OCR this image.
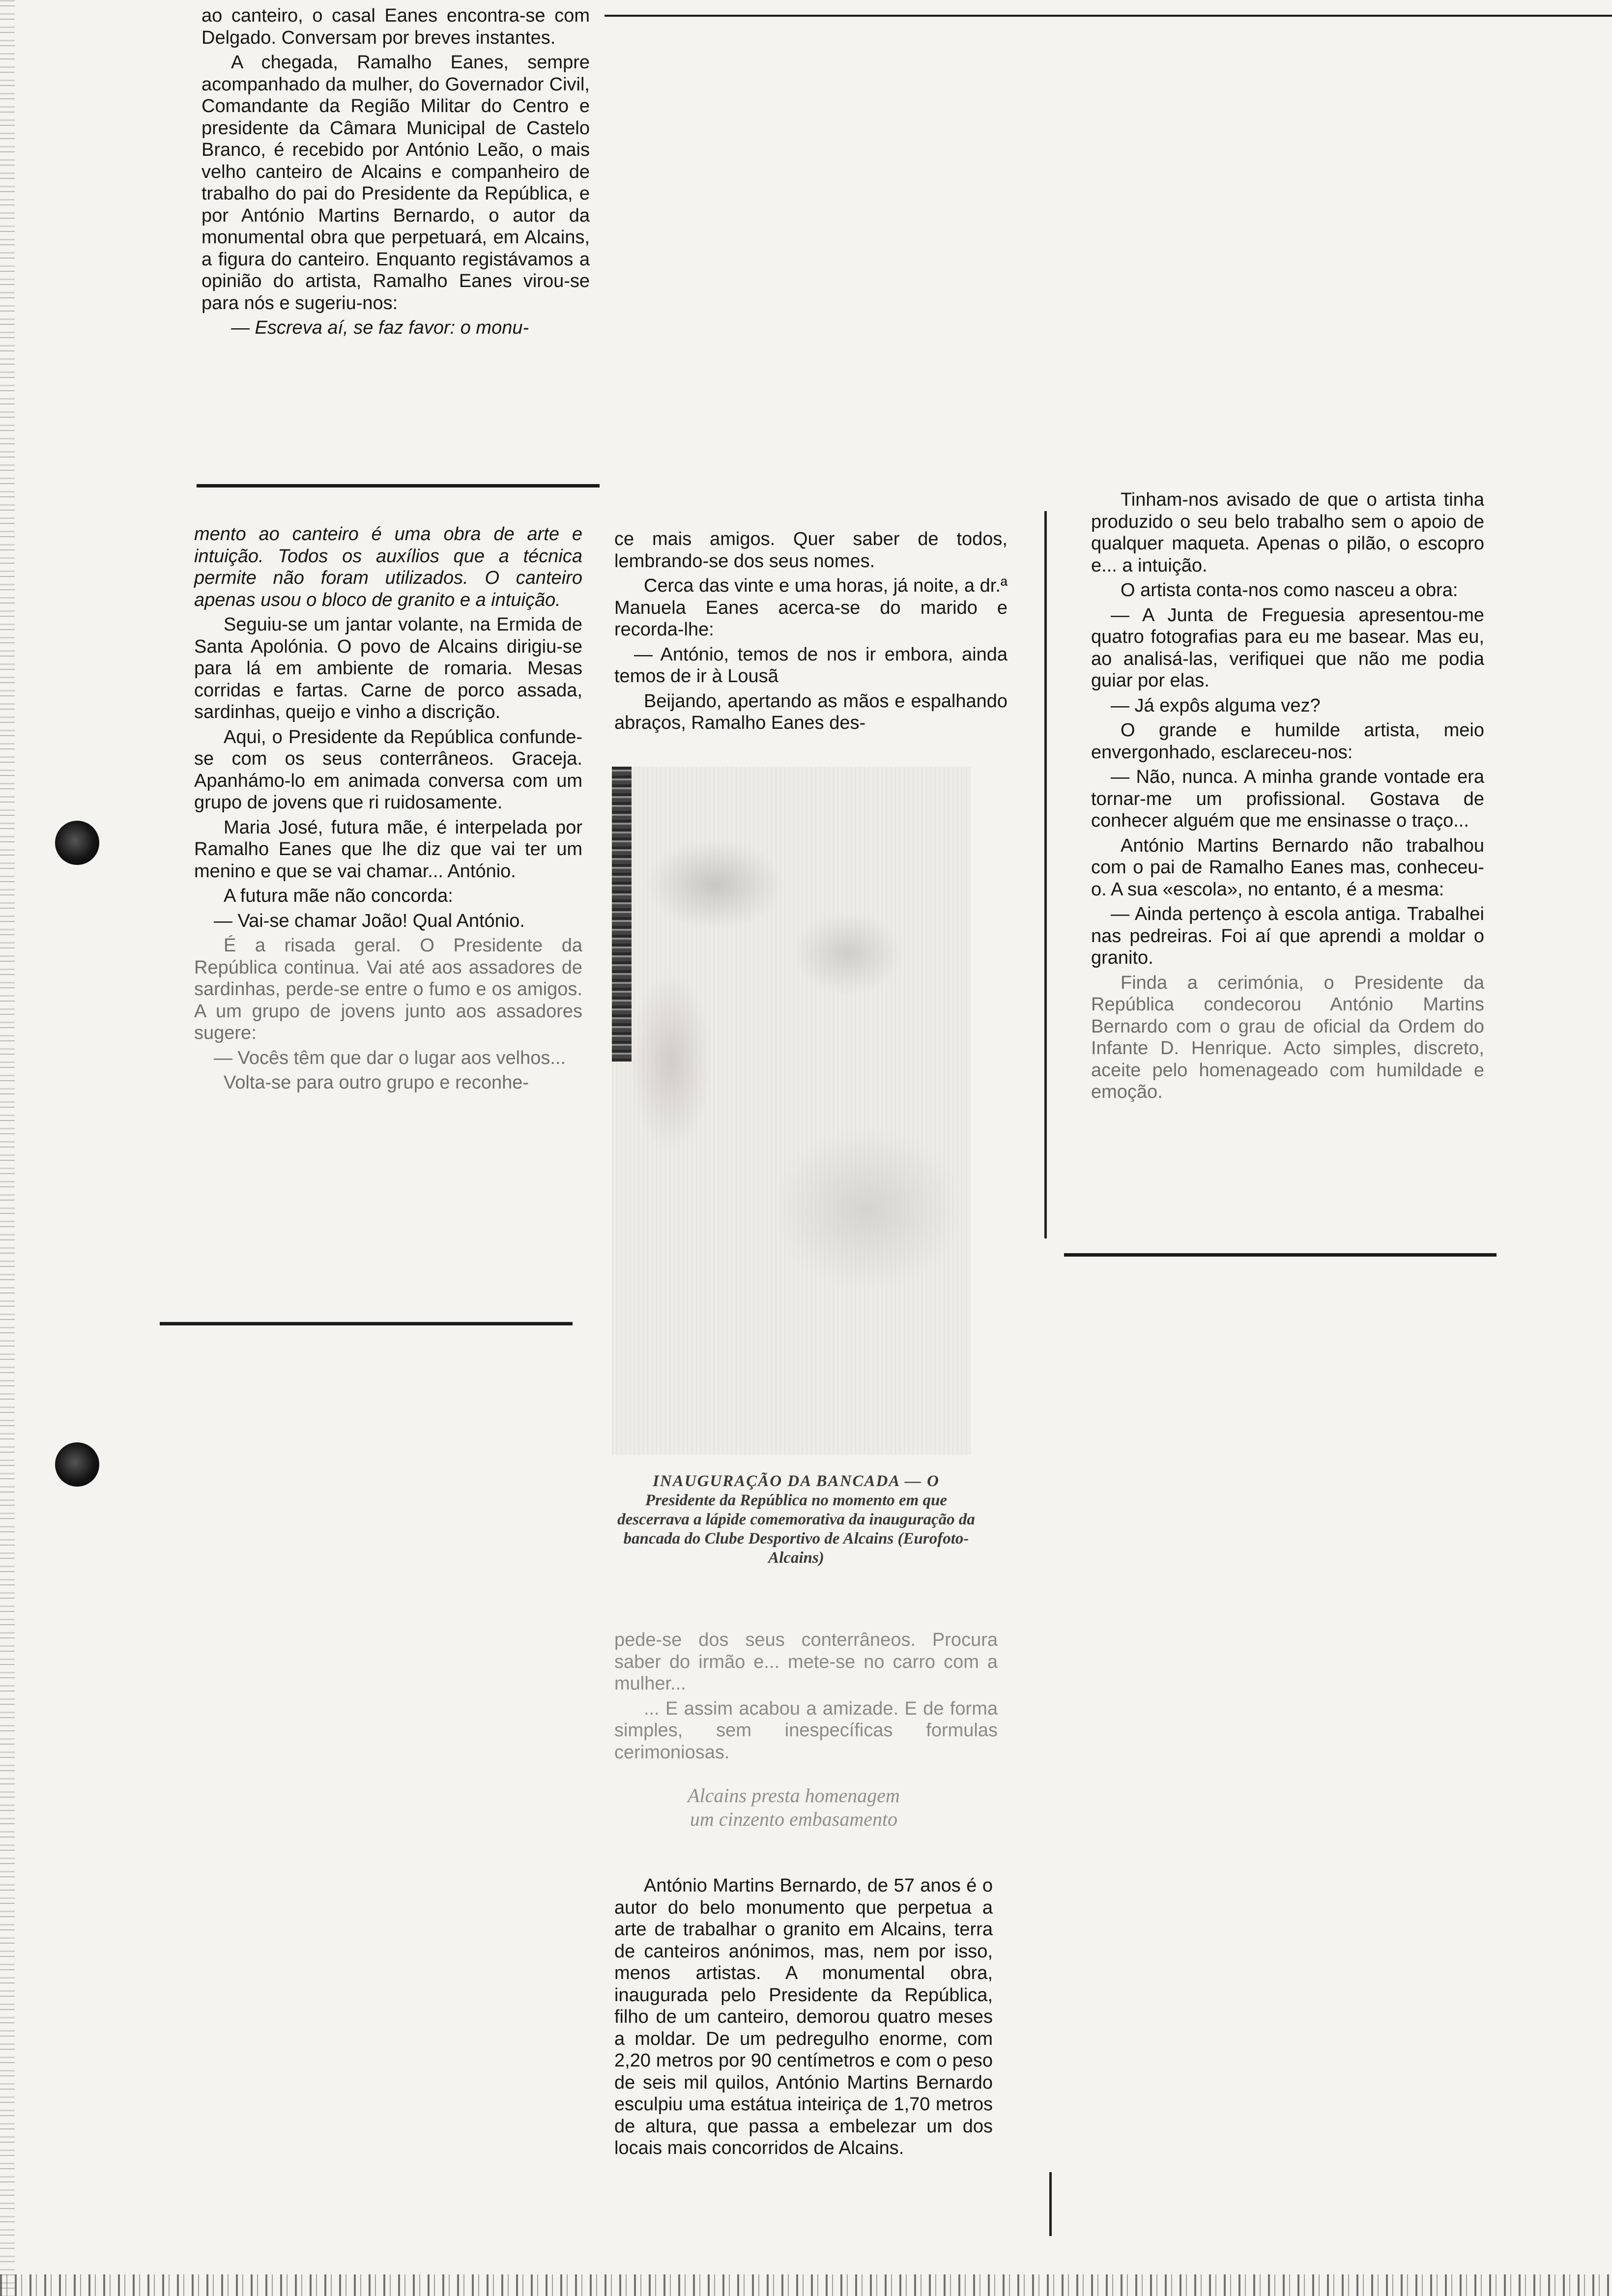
ao canteiro, o casal Eanes encontra-se com Delgado. Conversam por breves instantes.

A chegada, Ramalho Eanes, sempre acompanhado da mulher, do Governador Civil, Comandante da Região Militar do Centro e presidente da Câmara Municipal de Castelo Branco, é recebido por António Leão, o mais velho canteiro de Alcains e companheiro de trabalho do pai do Presidente da República, e por António Martins Bernardo, o autor da monumental obra que perpetuará, em Alcains, a figura do canteiro. Enquanto registávamos a opinião do artista, Ramalho Eanes virou-se para nós e sugeriu-nos:

— Escreva aí, se faz favor: o monu-

mento ao canteiro é uma obra de arte e intuição. Todos os auxílios que a técnica permite não foram utilizados. O canteiro apenas usou o bloco de granito e a intuição.

Seguiu-se um jantar volante, na Ermida de Santa Apolónia. O povo de Alcains dirigiu-se para lá em ambiente de romaria. Mesas corridas e fartas. Carne de porco assada, sardinhas, queijo e vinho a discrição.

Aqui, o Presidente da República confunde-se com os seus conterrâneos. Graceja. Apanhámo-lo em animada conversa com um grupo de jovens que ri ruidosamente.

Maria José, futura mãe, é interpelada por Ramalho Eanes que lhe diz que vai ter um menino e que se vai chamar... António.

A futura mãe não concorda:

— Vai-se chamar João! Qual António.

É a risada geral. O Presidente da República continua. Vai até aos assadores de sardinhas, perde-se entre o fumo e os amigos. A um grupo de jovens junto aos assadores sugere:

— Vocês têm que dar o lugar aos velhos...

Volta-se para outro grupo e reconhe-

ce mais amigos. Quer saber de todos, lembrando-se dos seus nomes.

Cerca das vinte e uma horas, já noite, a dr.ª Manuela Eanes acerca-se do marido e recorda-lhe:

— António, temos de nos ir embora, ainda temos de ir à Lousã

Beijando, apertando as mãos e espalhando abraços, Ramalho Eanes des-

INAUGURAÇÃO DA BANCADA — O
Presidente da República no momento em que descerrava a lápide comemorativa da inauguração da bancada do Clube Desportivo de Alcains (Eurofoto-Alcains)

pede-se dos seus conterrâneos. Procura saber do irmão e... mete-se no carro com a mulher...

... E assim acabou a amizade. E de forma simples, sem inespecíficas formulas cerimoniosas.

Alcains presta homenagem
um cinzento embasamento

António Martins Bernardo, de 57 anos é o autor do belo monumento que perpetua a arte de trabalhar o granito em Alcains, terra de canteiros anónimos, mas, nem por isso, menos artistas. A monumental obra, inaugurada pelo Presidente da República, filho de um canteiro, demorou quatro meses a moldar. De um pedregulho enorme, com 2,20 metros por 90 centímetros e com o peso de seis mil quilos, António Martins Bernardo esculpiu uma estátua inteiriça de 1,70 metros de altura, que passa a embelezar um dos locais mais concorridos de Alcains.

Tinham-nos avisado de que o artista tinha produzido o seu belo trabalho sem o apoio de qualquer maqueta. Apenas o pilão, o escopro e... a intuição.

O artista conta-nos como nasceu a obra:

— A Junta de Freguesia apresentou-me quatro fotografias para eu me basear. Mas eu, ao analisá-las, verifiquei que não me podia guiar por elas.

— Já expôs alguma vez?

O grande e humilde artista, meio envergonhado, esclareceu-nos:

— Não, nunca. A minha grande vontade era tornar-me um profissional. Gostava de conhecer alguém que me ensinasse o traço...

António Martins Bernardo não trabalhou com o pai de Ramalho Eanes mas, conheceu-o. A sua «escola», no entanto, é a mesma:

— Ainda pertenço à escola antiga. Trabalhei nas pedreiras. Foi aí que aprendi a moldar o granito.

Finda a cerimónia, o Presidente da República condecorou António Martins Bernardo com o grau de oficial da Ordem do Infante D. Henrique. Acto simples, discreto, aceite pelo homenageado com humildade e emoção.
